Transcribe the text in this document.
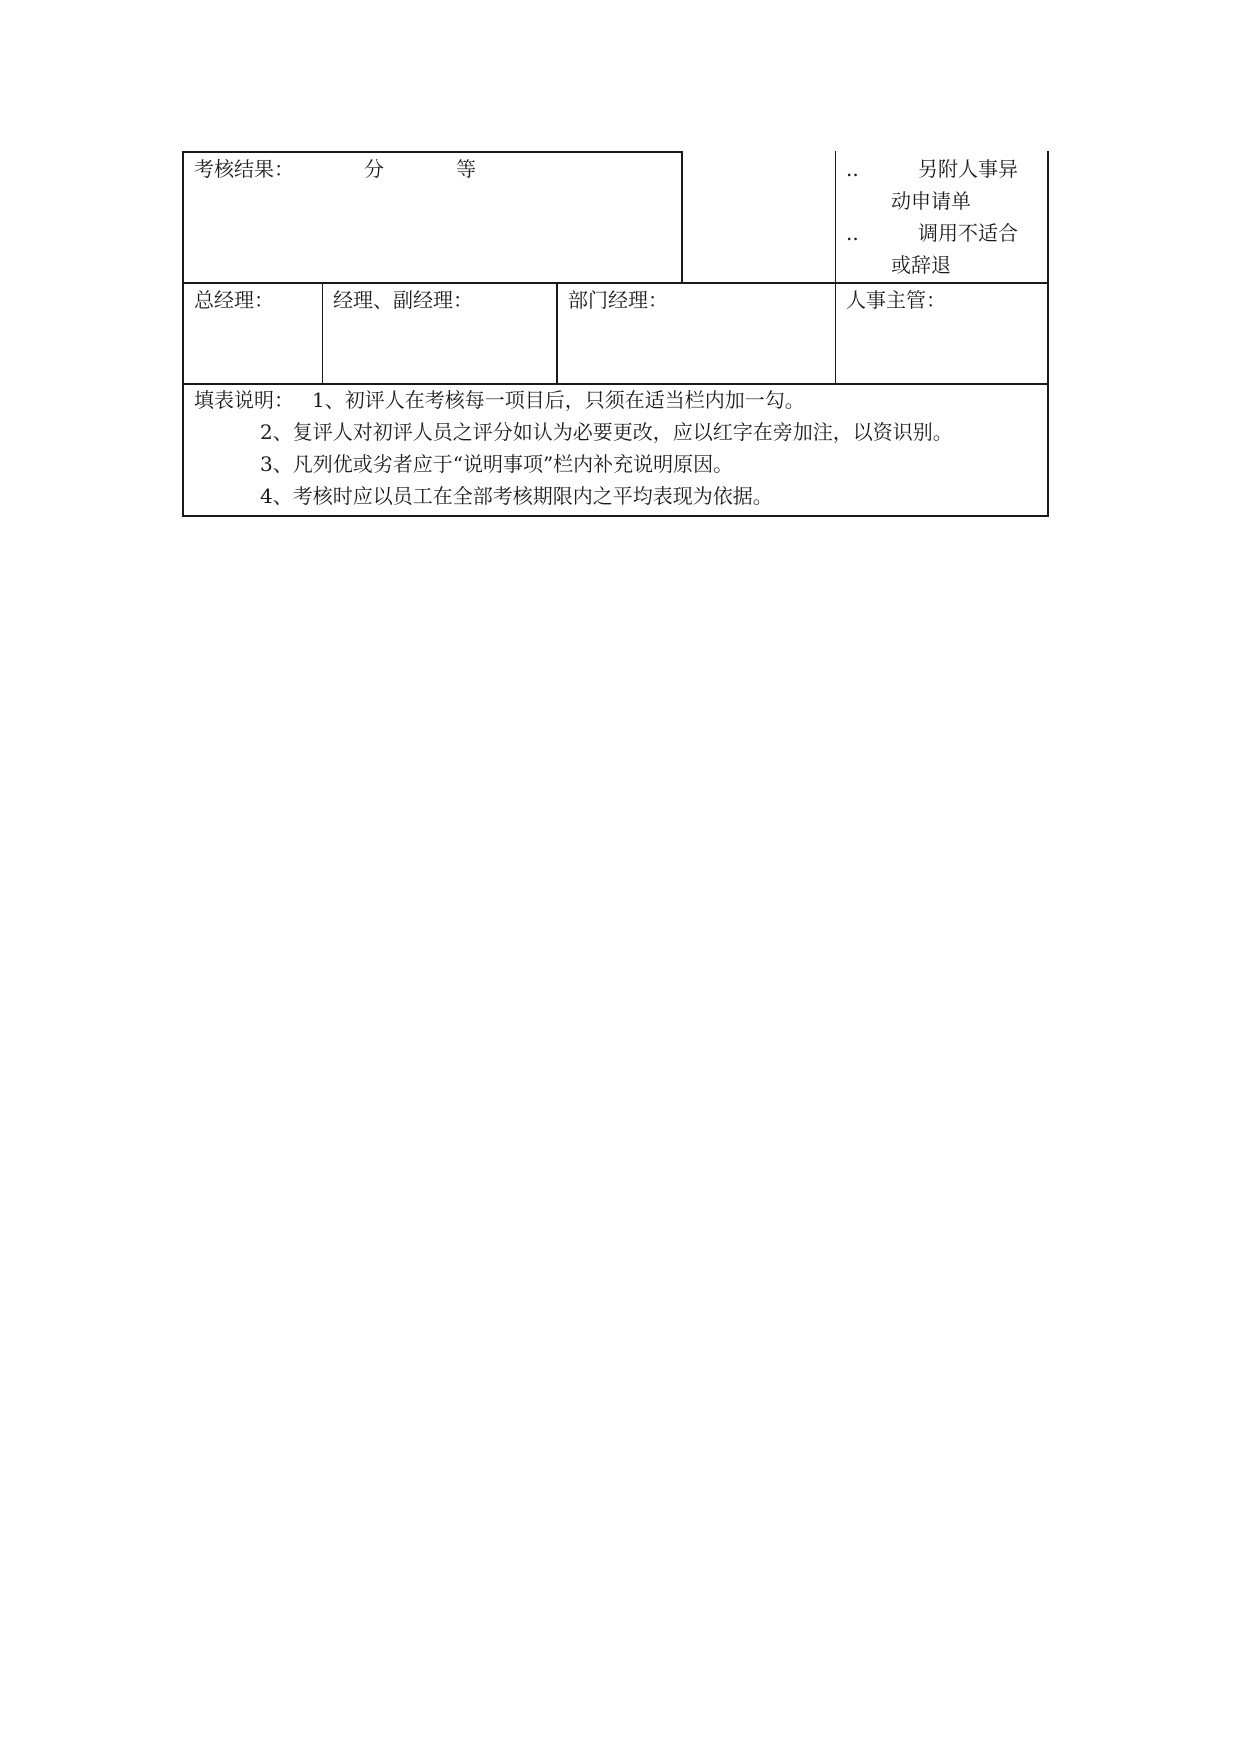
考核结果：	分	等	..	另附人事异
动申请单
..	调用不适合
或辞退
总经理：	经理、副经理：	部门经理：	人事主管：
填表说明： 1、初评人在考核每一项目后，只须在适当栏内加一勾。
2、复评人对初评人员之评分如认为必要更改，应以红字在旁加注，以资识别。
3、凡列优或劣者应于“说明事项”栏内补充说明原因。
4、考核时应以员工在全部考核期限内之平均表现为依据。
